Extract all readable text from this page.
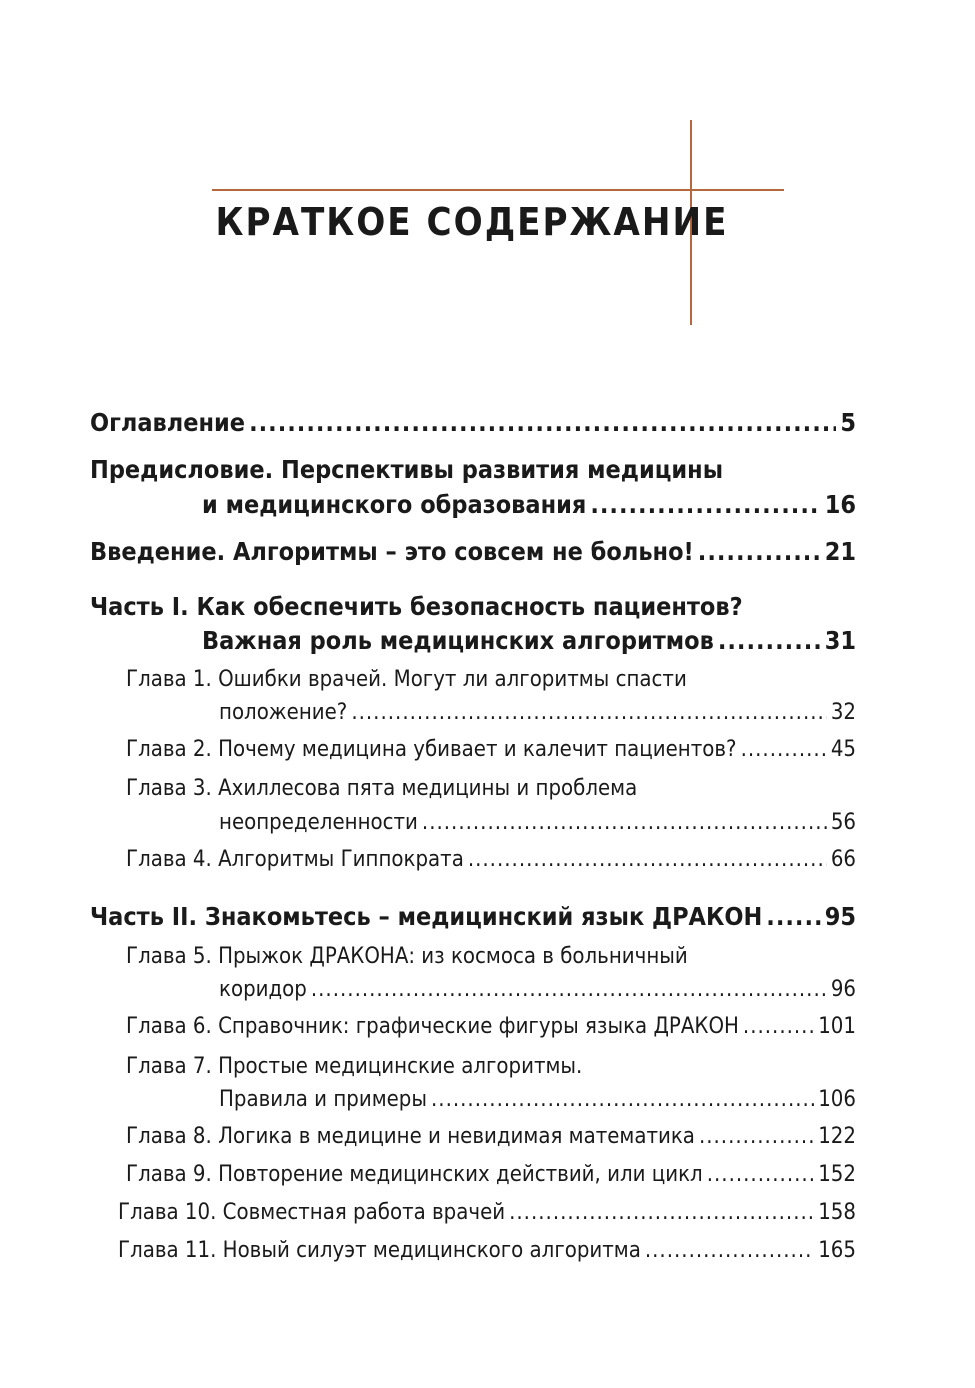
КРАТКОЕ СОДЕРЖАНИЕ
Оглавление .....	5
Предисловие. Перспективы развития медицины
и медицинского образования .....	16
Введение. Алгоритмы – это совсем не больно! .....	21
Часть I. Как обеспечить безопасность пациентов?
Важная роль медицинских алгоритмов .....	31
Глава 1. Ошибки врачей. Могут ли алгоритмы спасти
положение? .....	32
Глава 2. Почему медицина убивает и калечит пациентов? .....	45
Глава 3. Ахиллесова пята медицины и проблема
неопределенности .....	56
Глава 4. Алгоритмы Гиппократа .....	66
Часть II. Знакомьтесь – медицинский язык ДРАКОН ..... 95
Глава 5. Прыжок ДРАКОНА: из космоса в больничный
коридор .....	96
Глава 6. Справочник: графические фигуры языка ДРАКОН .....	101
Глава 7. Простые медицинские алгоритмы.
Правила и примеры .....	106
Глава 8. Логика в медицине и невидимая математика .....	122
Глава 9. Повторение медицинских действий, или цикл .....	152
Глава 10. Совместная работа врачей .....	158
Глава 11. Новый силуэт медицинского алгоритма .....	165
